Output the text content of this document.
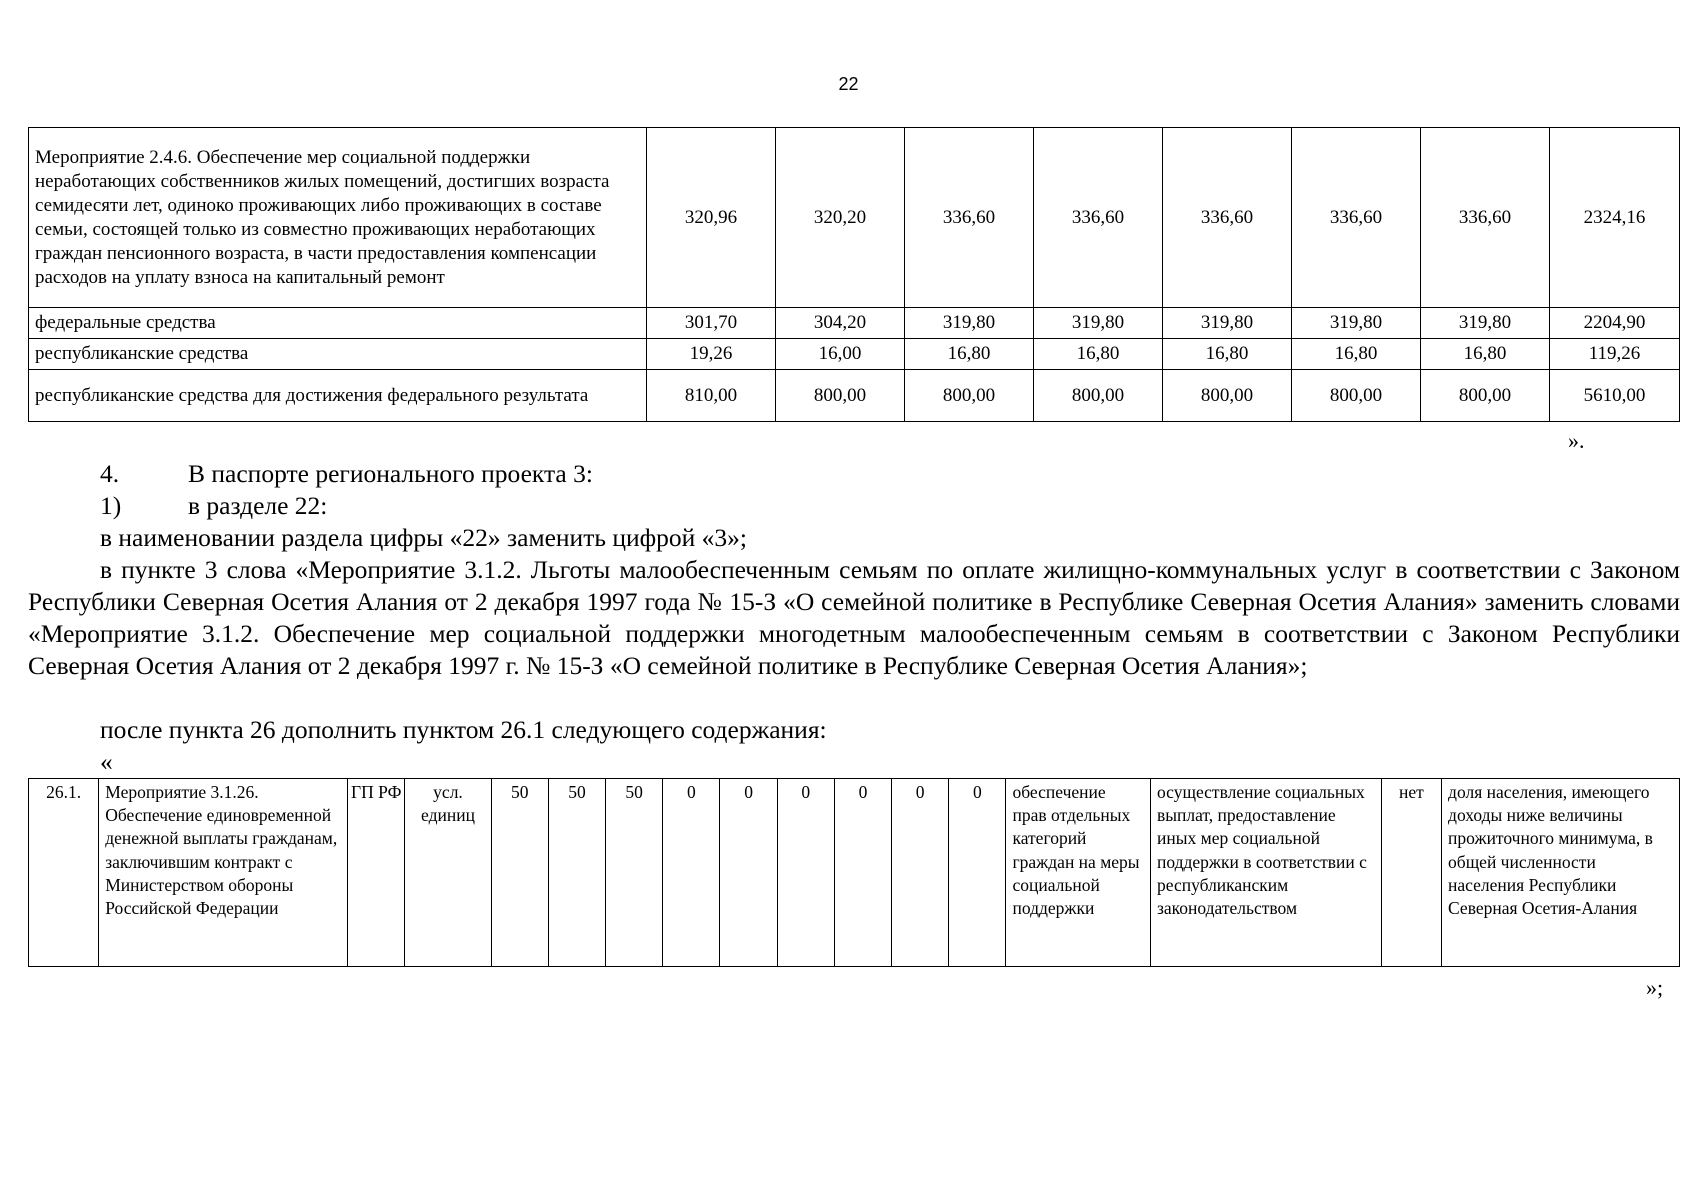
22
Мероприятие 2.4.6. Обеспечение мер социальной поддержки неработающих собственников жилых помещений, достигших возраста семидесяти лет, одиноко проживающих либо проживающих в составе семьи, состоящей только из совместно проживающих неработающих граждан пенсионного возраста, в части предоставления компенсации расходов на уплату взноса на капитальный ремонт	320,96	320,20	336,60	336,60	336,60	336,60	336,60	2324,16
федеральные средства	301,70	304,20	319,80	319,80	319,80	319,80	319,80	2204,90
республиканские средства	19,26	16,00	16,80	16,80	16,80	16,80	16,80	119,26
республиканские средства для достижения федерального результата	810,00	800,00	800,00	800,00	800,00	800,00	800,00	5610,00
».
4.	В паспорте регионального проекта 3:
1)	в разделе 22:
в наименовании раздела цифры «22» заменить цифрой «3»;
в пункте 3 слова «Мероприятие 3.1.2. Льготы малообеспеченным семьям по оплате жилищно-коммунальных услуг в соответствии с Законом Республики Северная Осетия Алания от 2 декабря 1997 года № 15-З «О семейной политике в Республике Северная Осетия Алания» заменить словами «Мероприятие 3.1.2. Обеспечение мер социальной поддержки многодетным малообеспеченным семьям в соответствии с Законом Республики Северная Осетия Алания от 2 декабря 1997 г. № 15-З «О семейной политике в Республике Северная Осетия Алания»;
после пункта 26 дополнить пунктом 26.1 следующего содержания:
«
26.1.	Мероприятие 3.1.26. Обеспечение единовременной денежной выплаты гражданам, заключившим контракт с Министерством обороны Российской Федерации	ГП РФ	усл. единиц	50	50	50	0	0	0	0	0	0	обеспечение прав отдельных категорий граждан на меры социальной поддержки	осуществление социальных выплат, предоставление иных мер социальной поддержки в соответствии с республиканским законодательством	нет	доля населения, имеющего доходы ниже величины прожиточного минимума, в общей численности населения Республики Северная Осетия-Алания
»;
